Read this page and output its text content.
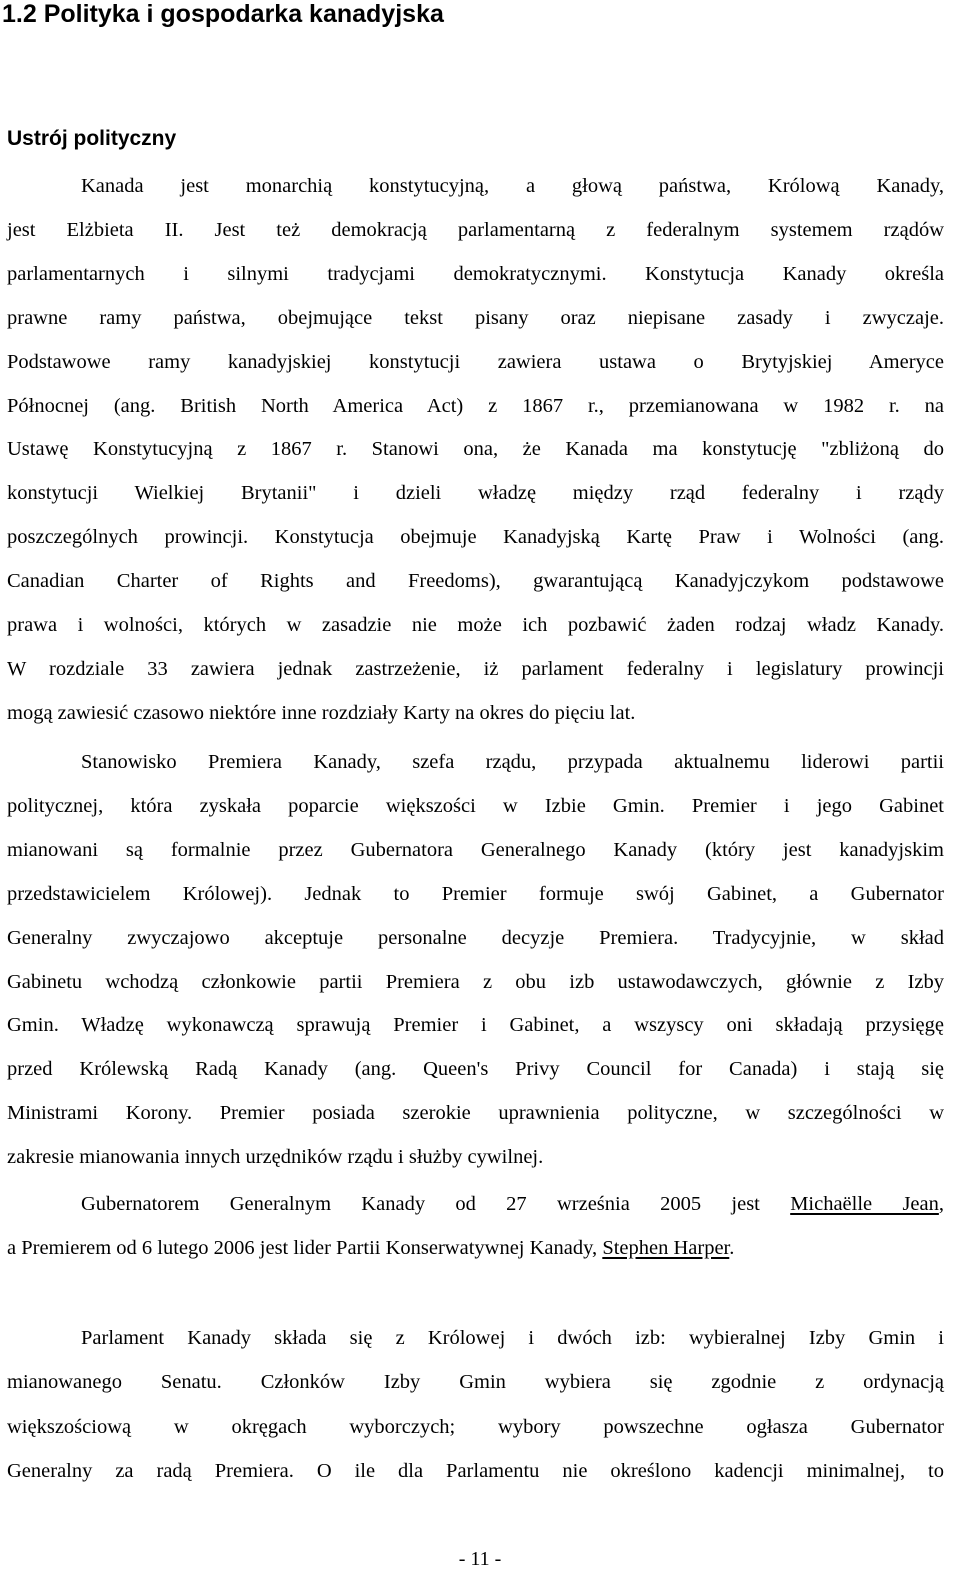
1.2 Polityka i gospodarka kanadyjska
Ustrój polityczny
Kanada jest monarchią konstytucyjną, a głową państwa, Królową Kanady,
jest Elżbieta II. Jest też demokracją parlamentarną z federalnym systemem rządów
parlamentarnych i silnymi tradycjami demokratycznymi. Konstytucja Kanady określa
prawne ramy państwa, obejmujące tekst pisany oraz niepisane zasady i zwyczaje.
Podstawowe ramy kanadyjskiej konstytucji zawiera ustawa o Brytyjskiej Ameryce
Północnej (ang. British North America Act) z 1867 r., przemianowana w 1982 r. na
Ustawę Konstytucyjną z 1867 r. Stanowi ona, że Kanada ma konstytucję "zbliżoną do
konstytucji Wielkiej Brytanii" i dzieli władzę między rząd federalny i rządy
poszczególnych prowincji. Konstytucja obejmuje Kanadyjską Kartę Praw i Wolności (ang.
Canadian Charter of Rights and Freedoms), gwarantującą Kanadyjczykom podstawowe
prawa i wolności, których w zasadzie nie może ich pozbawić żaden rodzaj władz Kanady.
W rozdziale 33 zawiera jednak zastrzeżenie, iż parlament federalny i legislatury prowincji
mogą zawiesić czasowo niektóre inne rozdziały Karty na okres do pięciu lat.
Stanowisko Premiera Kanady, szefa rządu, przypada aktualnemu liderowi partii
politycznej, która zyskała poparcie większości w Izbie Gmin. Premier i jego Gabinet
mianowani są formalnie przez Gubernatora Generalnego Kanady (który jest kanadyjskim
przedstawicielem Królowej). Jednak to Premier formuje swój Gabinet, a Gubernator
Generalny zwyczajowo akceptuje personalne decyzje Premiera. Tradycyjnie, w skład
Gabinetu wchodzą członkowie partii Premiera z obu izb ustawodawczych, głównie z Izby
Gmin. Władzę wykonawczą sprawują Premier i Gabinet, a wszyscy oni składają przysięgę
przed Królewską Radą Kanady (ang. Queen's Privy Council for Canada) i stają się
Ministrami Korony. Premier posiada szerokie uprawnienia polityczne, w szczególności w
zakresie mianowania innych urzędników rządu i służby cywilnej.
Gubernatorem Generalnym Kanady od 27 września 2005 jest Michaëlle Jean,
a Premierem od 6 lutego 2006 jest lider Partii Konserwatywnej Kanady, Stephen Harper.
Parlament Kanady składa się z Królowej i dwóch izb: wybieralnej Izby Gmin i
mianowanego Senatu. Członków Izby Gmin wybiera się zgodnie z ordynacją
większościową w okręgach wyborczych; wybory powszechne ogłasza Gubernator
Generalny za radą Premiera. O ile dla Parlamentu nie określono kadencji minimalnej, to
- 11 -
